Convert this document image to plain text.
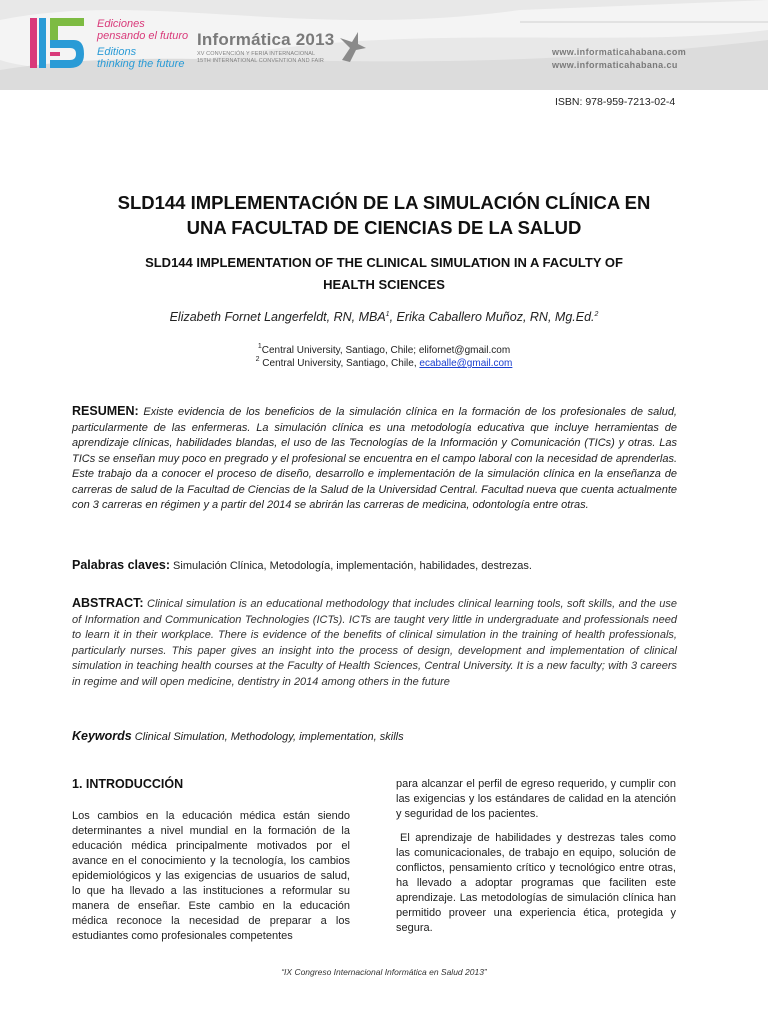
Ediciones
pensando el futuro
Editions
thinking the future
Informática 2013
XV CONVENCIÓN Y FERIA INTERNACIONAL
15TH INTERNATIONAL CONVENTION AND FAIR
www.informaticahabana.com
www.informaticahabana.cu
ISBN: 978-959-7213-02-4
SLD144 IMPLEMENTACIÓN DE LA SIMULACIÓN CLÍNICA EN
UNA FACULTAD DE CIENCIAS DE LA SALUD
SLD144 IMPLEMENTATION OF THE CLINICAL SIMULATION IN A FACULTY OF
HEALTH SCIENCES
Elizabeth Fornet Langerfeldt, RN, MBA$^1$, Erika Caballero Muñoz, RN, Mg.Ed.$^2$
$^1$Central University, Santiago, Chile; elifornet@gmail.com
$^2$ Central University, Santiago, Chile, ecaballe@gmail.com
RESUMEN: Existe evidencia de los beneficios de la simulación clínica en la formación de los profesionales de salud, particularmente de las enfermeras. La simulación clínica es una metodología educativa que incluye herramientas de aprendizaje clínicas, habilidades blandas, el uso de las Tecnologías de la Información y Comunicación (TICs) y otras. Las TICs se enseñan muy poco en pregrado y el profesional se encuentra en el campo laboral con la necesidad de aprenderlas. Este trabajo da a conocer el proceso de diseño, desarrollo e implementación de la simulación clínica en la enseñanza de carreras de salud de la Facultad de Ciencias de la Salud de la Universidad Central. Facultad nueva que cuenta actualmente con 3 carreras en régimen y a partir del 2014 se abrirán las carreras de medicina, odontología entre otras.
Palabras claves: Simulación Clínica, Metodología, implementación, habilidades, destrezas.
ABSTRACT: Clinical simulation is an educational methodology that includes clinical learning tools, soft skills, and the use of Information and Communication Technologies (ICTs). ICTs are taught very little in undergraduate and professionals need to learn it in their workplace. There is evidence of the benefits of clinical simulation in the training of health professionals, particularly nurses. This paper gives an insight into the process of design, development and implementation of clinical simulation in teaching health courses at the Faculty of Health Sciences, Central University. It is a new faculty; with 3 careers in regime and will open medicine, dentistry in 2014 among others in the future
Keywords Clinical Simulation, Methodology, implementation, skills
1. INTRODUCCIÓN

Los cambios en la educación médica están siendo determinantes a nivel mundial en la formación de la educación médica principalmente motivados por el avance en el conocimiento y la tecnología, los cambios epidemiológicos y las exigencias de usuarios de salud, lo que ha llevado a las instituciones a reformular su manera de enseñar. Este cambio en la educación médica reconoce la necesidad de preparar a los estudiantes como profesionales competentes

para alcanzar el perfil de egreso requerido, y cumplir con las exigencias y los estándares de calidad en la atención y seguridad de los pacientes.

El aprendizaje de habilidades y destrezas tales como las comunicacionales, de trabajo en equipo, solución de conflictos, pensamiento crítico y tecnológico entre otras, ha llevado a adoptar programas que faciliten este aprendizaje. Las metodologías de simulación clínica han permitido proveer una experiencia ética, protegida y segura.

“IX Congreso Internacional Informática en Salud 2013”
